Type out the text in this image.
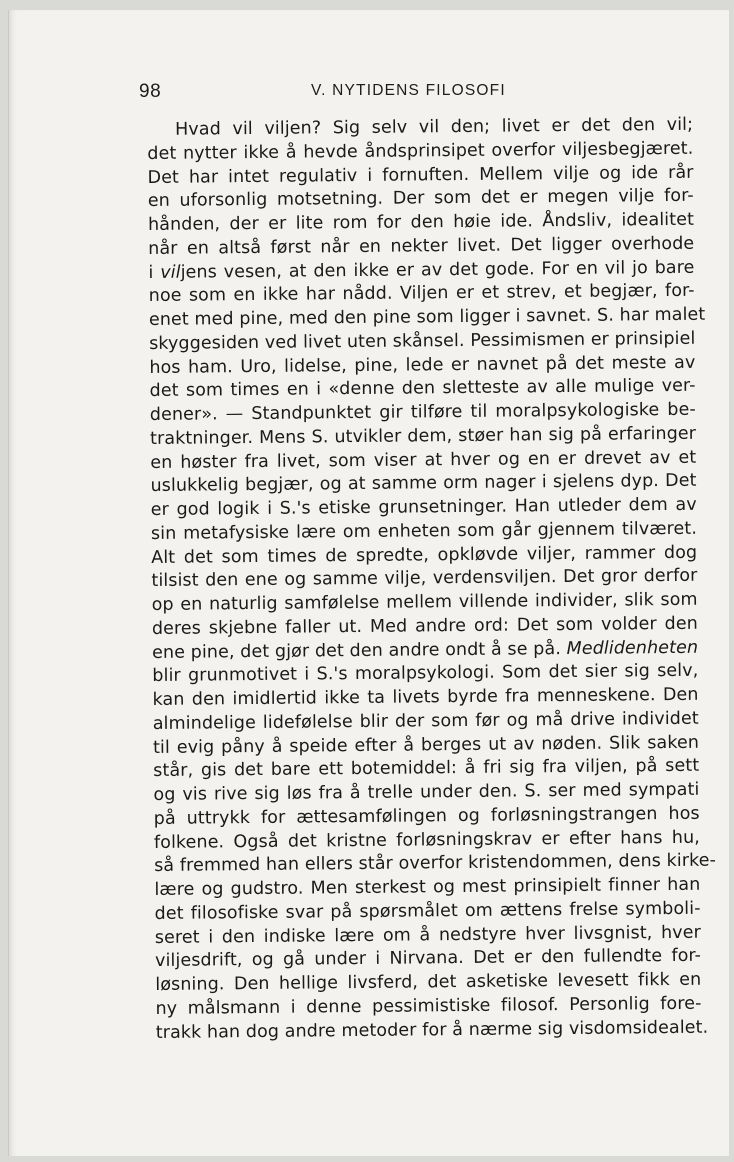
98	V. NYTIDENS FILOSOFI
Hvad vil viljen? Sig selv vil den; livet er det den vil;
det nytter ikke å hevde åndsprinsipet overfor viljesbegjæret.
Det har intet regulativ i fornuften. Mellem vilje og ide rår
en uforsonlig motsetning. Der som det er megen vilje for-
hånden, der er lite rom for den høie ide. Åndsliv, idealitet
når en altså først når en nekter livet. Det ligger overhode
i viljens vesen, at den ikke er av det gode. For en vil jo bare
noe som en ikke har nådd. Viljen er et strev, et begjær, for-
enet med pine, med den pine som ligger i savnet. S. har malet
skyggesiden ved livet uten skånsel. Pessimismen er prinsipiel
hos ham. Uro, lidelse, pine, lede er navnet på det meste av
det som times en i «denne den sletteste av alle mulige ver-
dener». — Standpunktet gir tilføre til moralpsykologiske be-
traktninger. Mens S. utvikler dem, støer han sig på erfaringer
en høster fra livet, som viser at hver og en er drevet av et
uslukkelig begjær, og at samme orm nager i sjelens dyp. Det
er god logik i S.'s etiske grunsetninger. Han utleder dem av
sin metafysiske lære om enheten som går gjennem tilværet.
Alt det som times de spredte, opkløvde viljer, rammer dog
tilsist den ene og samme vilje, verdensviljen. Det gror derfor
op en naturlig samfølelse mellem villende individer, slik som
deres skjebne faller ut. Med andre ord: Det som volder den
ene pine, det gjør det den andre ondt å se på. Medlidenheten
blir grunmotivet i S.'s moralpsykologi. Som det sier sig selv,
kan den imidlertid ikke ta livets byrde fra menneskene. Den
almindelige lidefølelse blir der som før og må drive individet
til evig pånу å speide efter å berges ut av nøden. Slik saken
står, gis det bare ett botemiddel: å fri sig fra viljen, på sett
og vis rive sig løs fra å trelle under den. S. ser med sympati
på uttrykk for ættesamfølingen og forløsningstrangen hos
folkene. Også det kristne forløsningskrav er efter hans hu,
så fremmed han ellers står overfor kristendommen, dens kirke-
lære og gudstro. Men sterkest og mest prinsipielt finner han
det filosofiske svar på spørsmålet om ættens frelse symboli-
seret i den indiske lære om å nedstyre hver livsgnist, hver
viljesdrift, og gå under i Nirvana. Det er den fullendte for-
løsning. Den hellige livsferd, det asketiske levesett fikk en
ny målsmann i denne pessimistiske filosof. Personlig fore-
trakk han dog andre metoder for å nærme sig visdomsidealet.
